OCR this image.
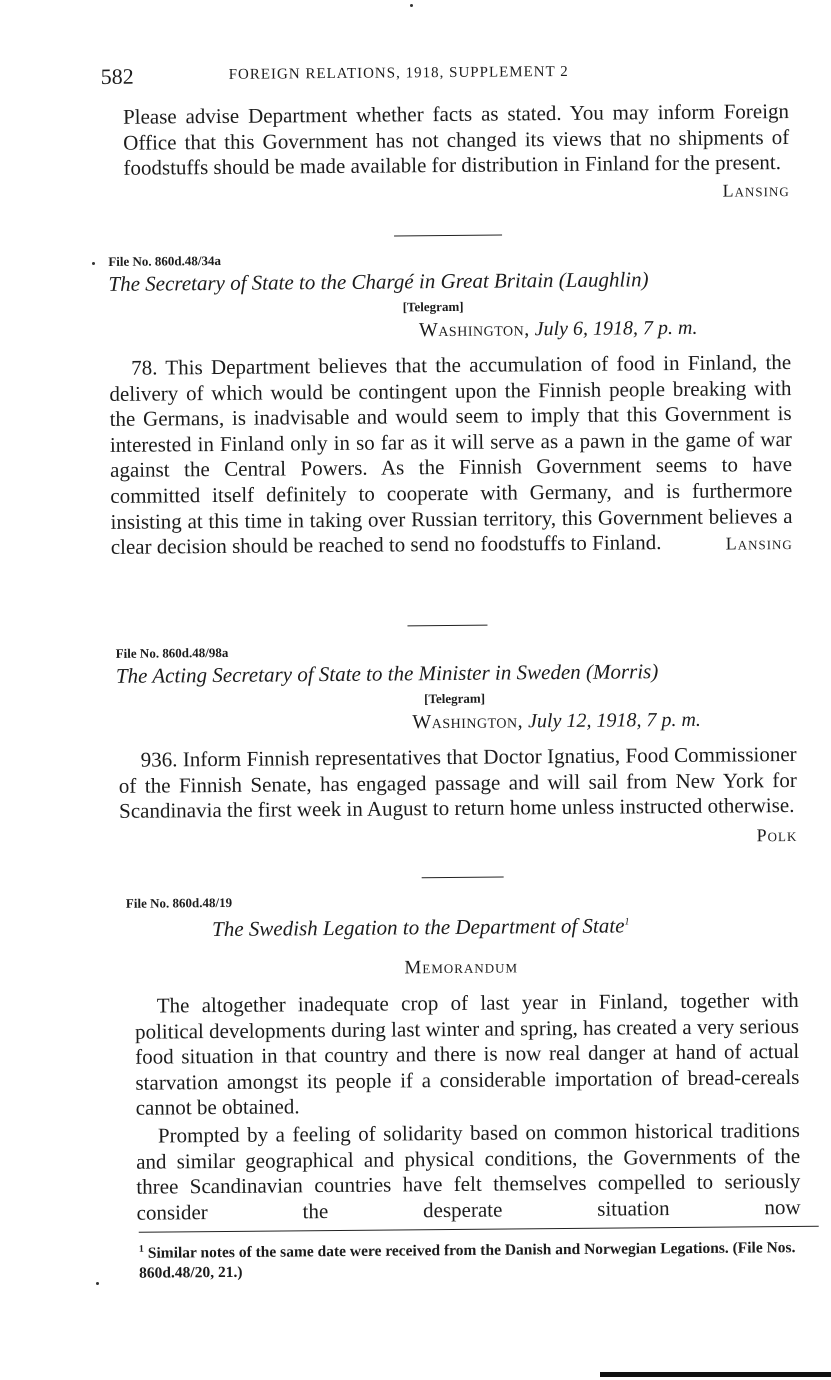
582	FOREIGN RELATIONS, 1918, SUPPLEMENT 2
Please advise Department whether facts as stated. You may inform Foreign Office that this Government has not changed its views that no shipments of foodstuffs should be made available for distribution in Finland for the present.
Lansing
File No. 860d.48/34a
The Secretary of State to the Chargé in Great Britain (Laughlin)
[Telegram]
Washington, July 6, 1918, 7 p. m.
78. This Department believes that the accumulation of food in Finland, the delivery of which would be contingent upon the Finnish people breaking with the Germans, is inadvisable and would seem to imply that this Government is interested in Finland only in so far as it will serve as a pawn in the game of war against the Central Powers. As the Finnish Government seems to have committed itself definitely to cooperate with Germany, and is furthermore insisting at this time in taking over Russian territory, this Government believes a clear decision should be reached to send no foodstuffs to Finland.	Lansing
File No. 860d.48/98a
The Acting Secretary of State to the Minister in Sweden (Morris)
[Telegram]
Washington, July 12, 1918, 7 p. m.
936. Inform Finnish representatives that Doctor Ignatius, Food Commissioner of the Finnish Senate, has engaged passage and will sail from New York for Scandinavia the first week in August to return home unless instructed otherwise.
Polk
File No. 860d.48/19
The Swedish Legation to the Department of State$^1$
Memorandum
The altogether inadequate crop of last year in Finland, together with political developments during last winter and spring, has created a very serious food situation in that country and there is now real danger at hand of actual starvation amongst its people if a considerable importation of bread-cereals cannot be obtained.
Prompted by a feeling of solidarity based on common historical traditions and similar geographical and physical conditions, the Governments of the three Scandinavian countries have felt themselves compelled to seriously consider the desperate situation now
$^1$ Similar notes of the same date were received from the Danish and Norwegian Legations. (File Nos. 860d.48/20, 21.)
